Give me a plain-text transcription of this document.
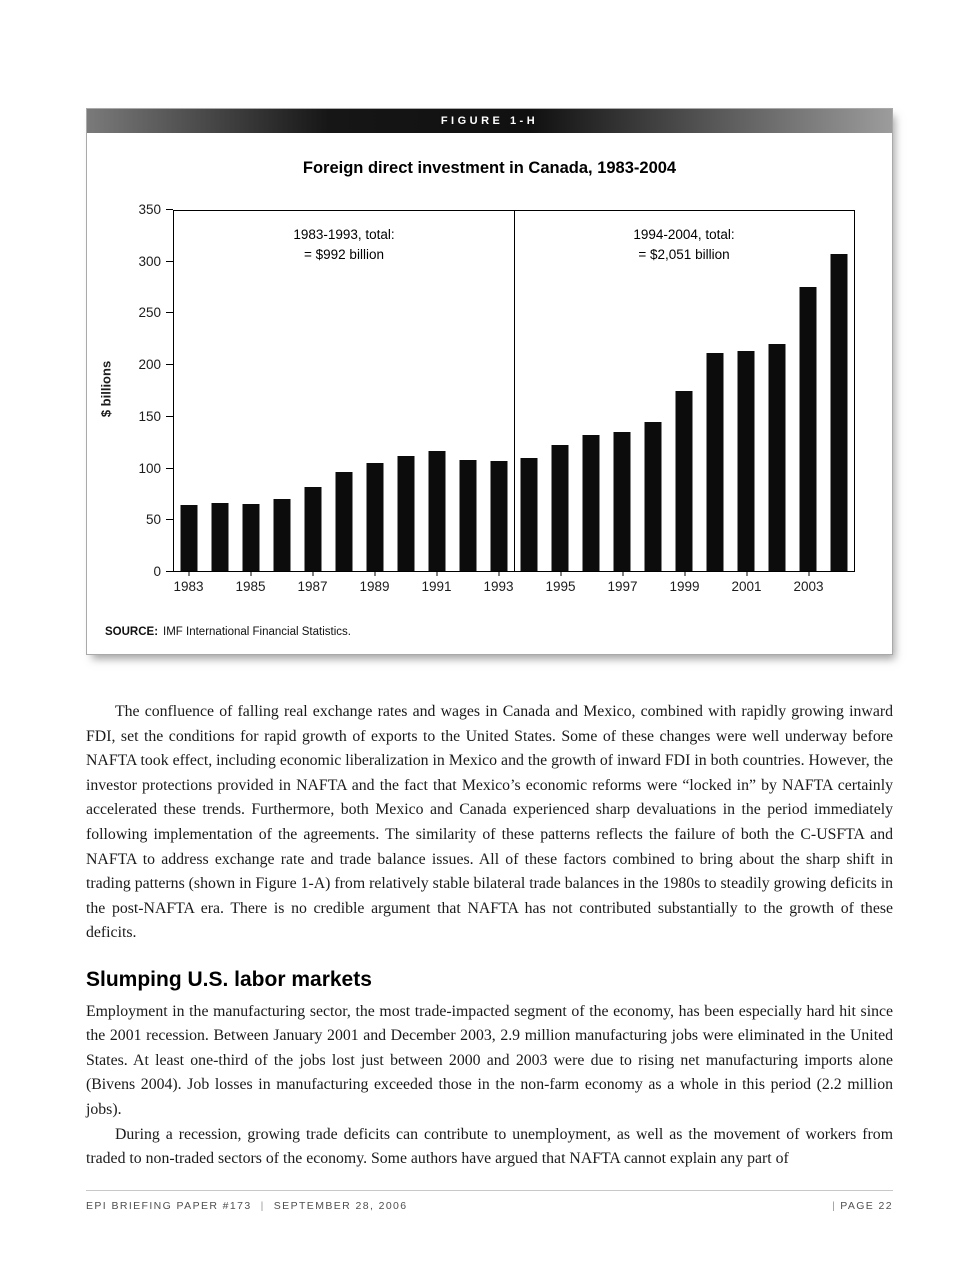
FIGURE 1-H
Foreign direct investment in Canada, 1983-2004
$ billions
0
50
100
150
200
250
300
350
1983-1993, total:
= $992 billion
1994-2004, total:
= $2,051 billion
1983 1985 1987 1989 1991 1993 1995 1997 1999 2001 2003
SOURCE: IMF International Financial Statistics.

The confluence of falling real exchange rates and wages in Canada and Mexico, combined with rapidly growing inward FDI, set the conditions for rapid growth of exports to the United States. Some of these changes were well underway before NAFTA took effect, including economic liberalization in Mexico and the growth of inward FDI in both countries. However, the investor protections provided in NAFTA and the fact that Mexico’s economic reforms were “locked in” by NAFTA certainly accelerated these trends. Furthermore, both Mexico and Canada experienced sharp devaluations in the period immediately following implementation of the agreements. The similarity of these patterns reflects the failure of both the C-USFTA and NAFTA to address exchange rate and trade balance issues. All of these factors combined to bring about the sharp shift in trading patterns (shown in Figure 1-A) from relatively stable bilateral trade balances in the 1980s to steadily growing deficits in the post-NAFTA era. There is no credible argument that NAFTA has not contributed substantially to the growth of these deficits.

Slumping U.S. labor markets

Employment in the manufacturing sector, the most trade-impacted segment of the economy, has been especially hard hit since the 2001 recession. Between January 2001 and December 2003, 2.9 million manufacturing jobs were eliminated in the United States. At least one-third of the jobs lost just between 2000 and 2003 were due to rising net manufacturing imports alone (Bivens 2004). Job losses in manufacturing exceeded those in the non-farm economy as a whole in this period (2.2 million jobs).

During a recession, growing trade deficits can contribute to unemployment, as well as the movement of workers from traded to non-traded sectors of the economy. Some authors have argued that NAFTA cannot explain any part of

EPI BRIEFING PAPER #173 | SEPTEMBER 28, 2006	| PAGE 22
